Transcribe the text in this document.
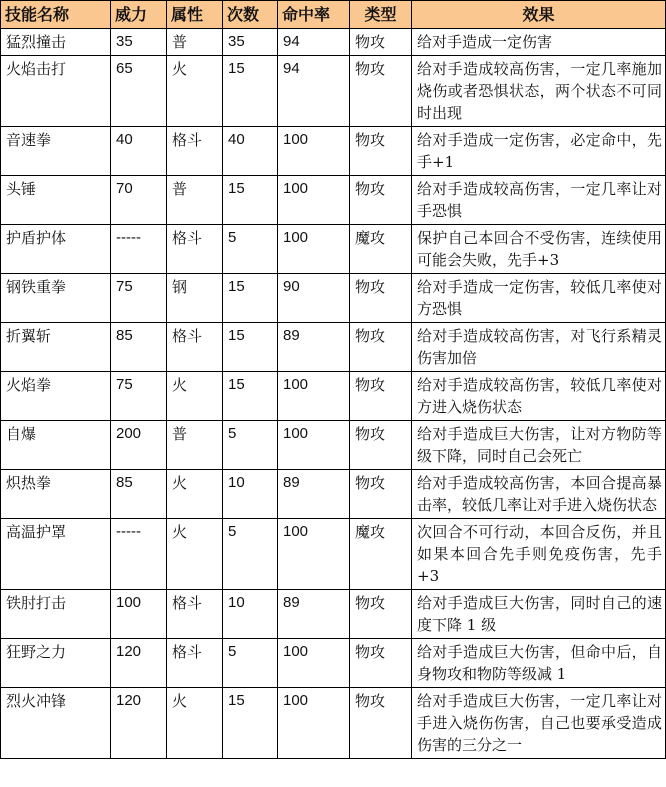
技能名称	威力	属性	次数	命中率	类型	效果
猛烈撞击	35	普	35	94	物攻	给对手造成一定伤害
火焰击打	65	火	15	94	物攻	给对手造成较高伤害，一定几率施加烧伤或者恐惧状态，两个状态不可同时出现
音速拳	40	格斗	40	100	物攻	给对手造成一定伤害，必定命中，先手+1
头锤	70	普	15	100	物攻	给对手造成较高伤害，一定几率让对手恐惧
护盾护体	-----	格斗	5	100	魔攻	保护自己本回合不受伤害，连续使用可能会失败，先手+3
钢铁重拳	75	钢	15	90	物攻	给对手造成一定伤害，较低几率使对方恐惧
折翼斩	85	格斗	15	89	物攻	给对手造成较高伤害，对飞行系精灵伤害加倍
火焰拳	75	火	15	100	物攻	给对手造成较高伤害，较低几率使对方进入烧伤状态
自爆	200	普	5	100	物攻	给对手造成巨大伤害，让对方物防等级下降，同时自己会死亡
炽热拳	85	火	10	89	物攻	给对手造成较高伤害，本回合提高暴击率，较低几率让对手进入烧伤状态
高温护罩	-----	火	5	100	魔攻	次回合不可行动，本回合反伤，并且如果本回合先手则免疫伤害，先手+3
铁肘打击	100	格斗	10	89	物攻	给对手造成巨大伤害，同时自己的速度下降 1 级
狂野之力	120	格斗	5	100	物攻	给对手造成巨大伤害，但命中后，自身物攻和物防等级减 1
烈火冲锋	120	火	15	100	物攻	给对手造成巨大伤害，一定几率让对手进入烧伤伤害，自己也要承受造成伤害的三分之一
